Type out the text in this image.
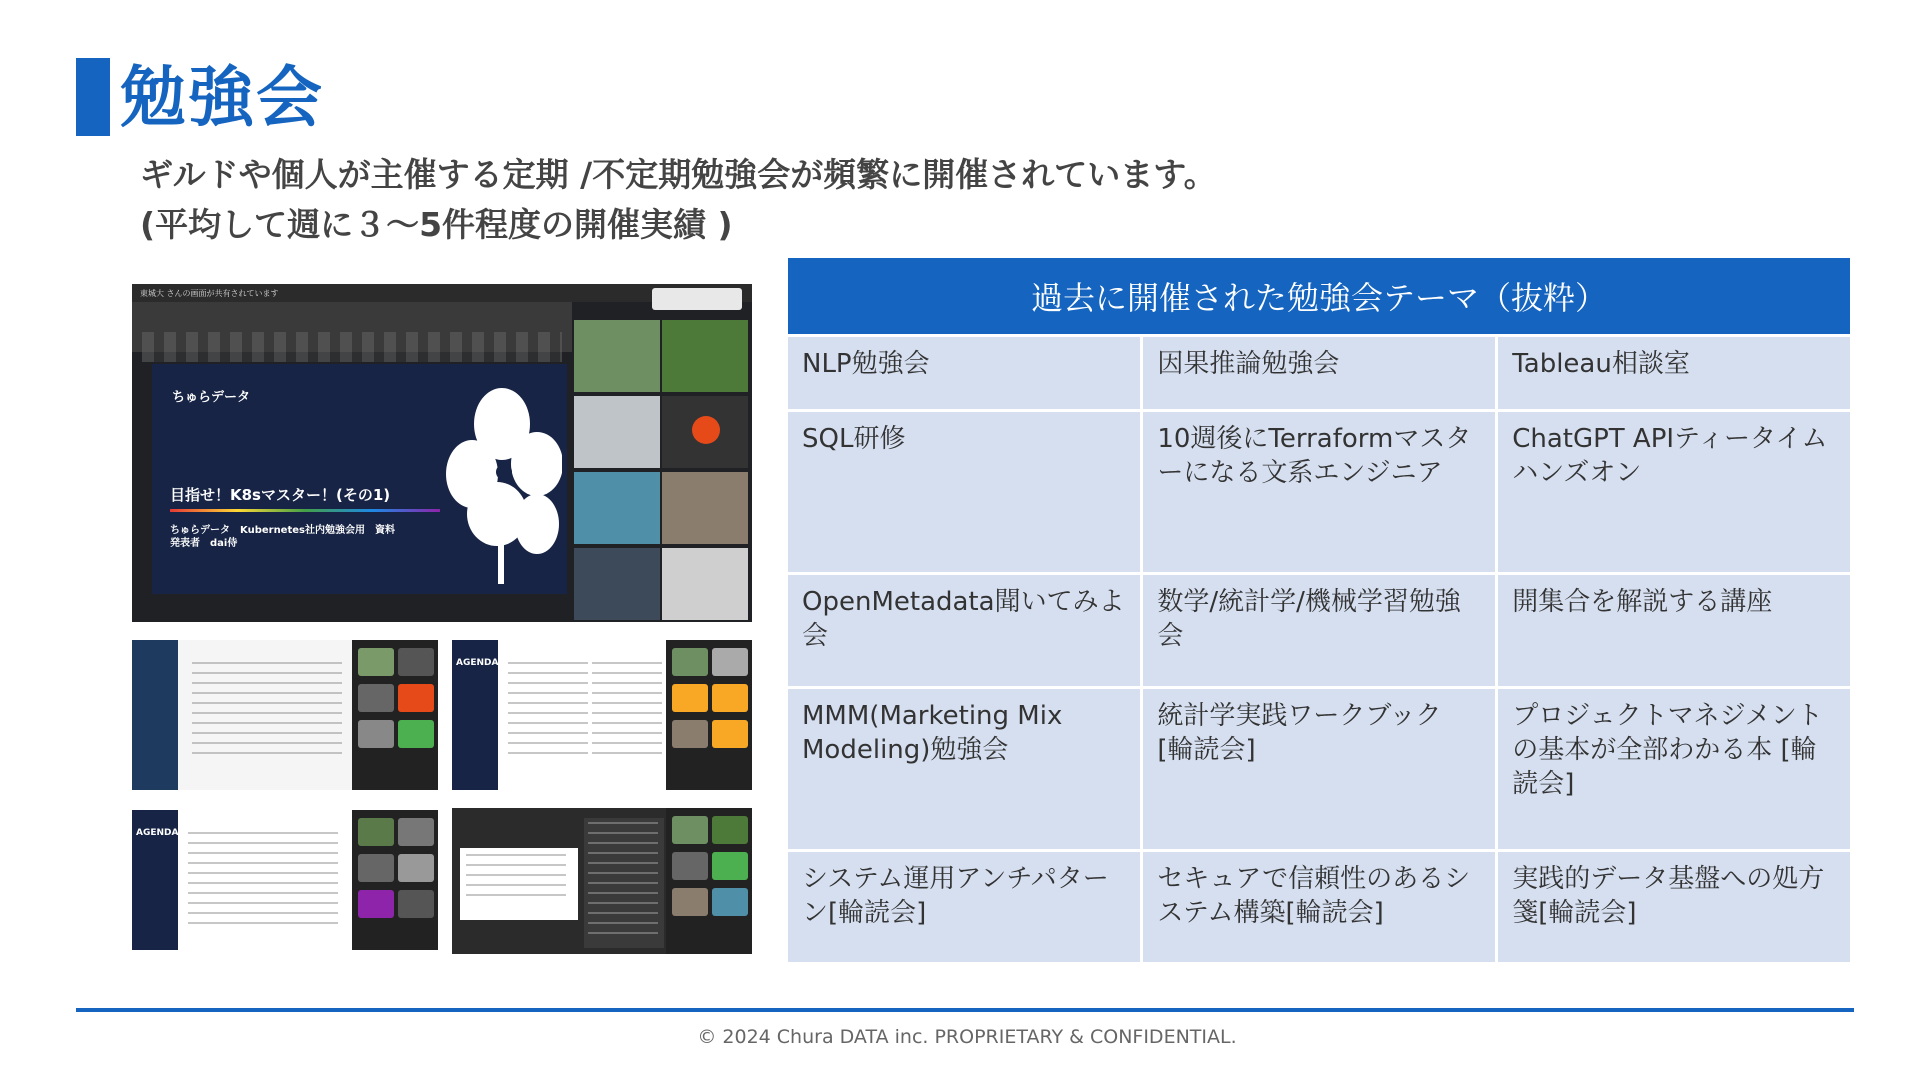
勉強会
ギルドや個人が主催する定期 /不定期勉強会が頻繁に開催されています。
(平均して週に３〜5件程度の開催実績 )
東城大 さんの画面が共有されています
ちゅらデータ
目指せ！K8sマスター！(その1)
ちゅらデータ　Kubernetes社内勉強会用　資料
発表者　dai侍
AGENDA
AGENDA
過去に開催された勉強会テーマ（抜粋）		
NLP勉強会	因果推論勉強会	Tableau相談室
SQL研修	10週後にTerraformマスターになる文系エンジニア	ChatGPT APIティータイムハンズオン
OpenMetadata聞いてみよ会	数学/統計学/機械学習勉強会	開集合を解説する講座
MMM(Marketing Mix Modeling)勉強会	統計学実践ワークブック [輪読会]	プロジェクトマネジメントの基本が全部わかる本 [輪読会]
システム運用アンチパターン[輪読会]	セキュアで信頼性のあるシステム構築[輪読会]	実践的データ基盤への処方箋[輪読会]
© 2024 Chura DATA inc. PROPRIETARY & CONFIDENTIAL.
